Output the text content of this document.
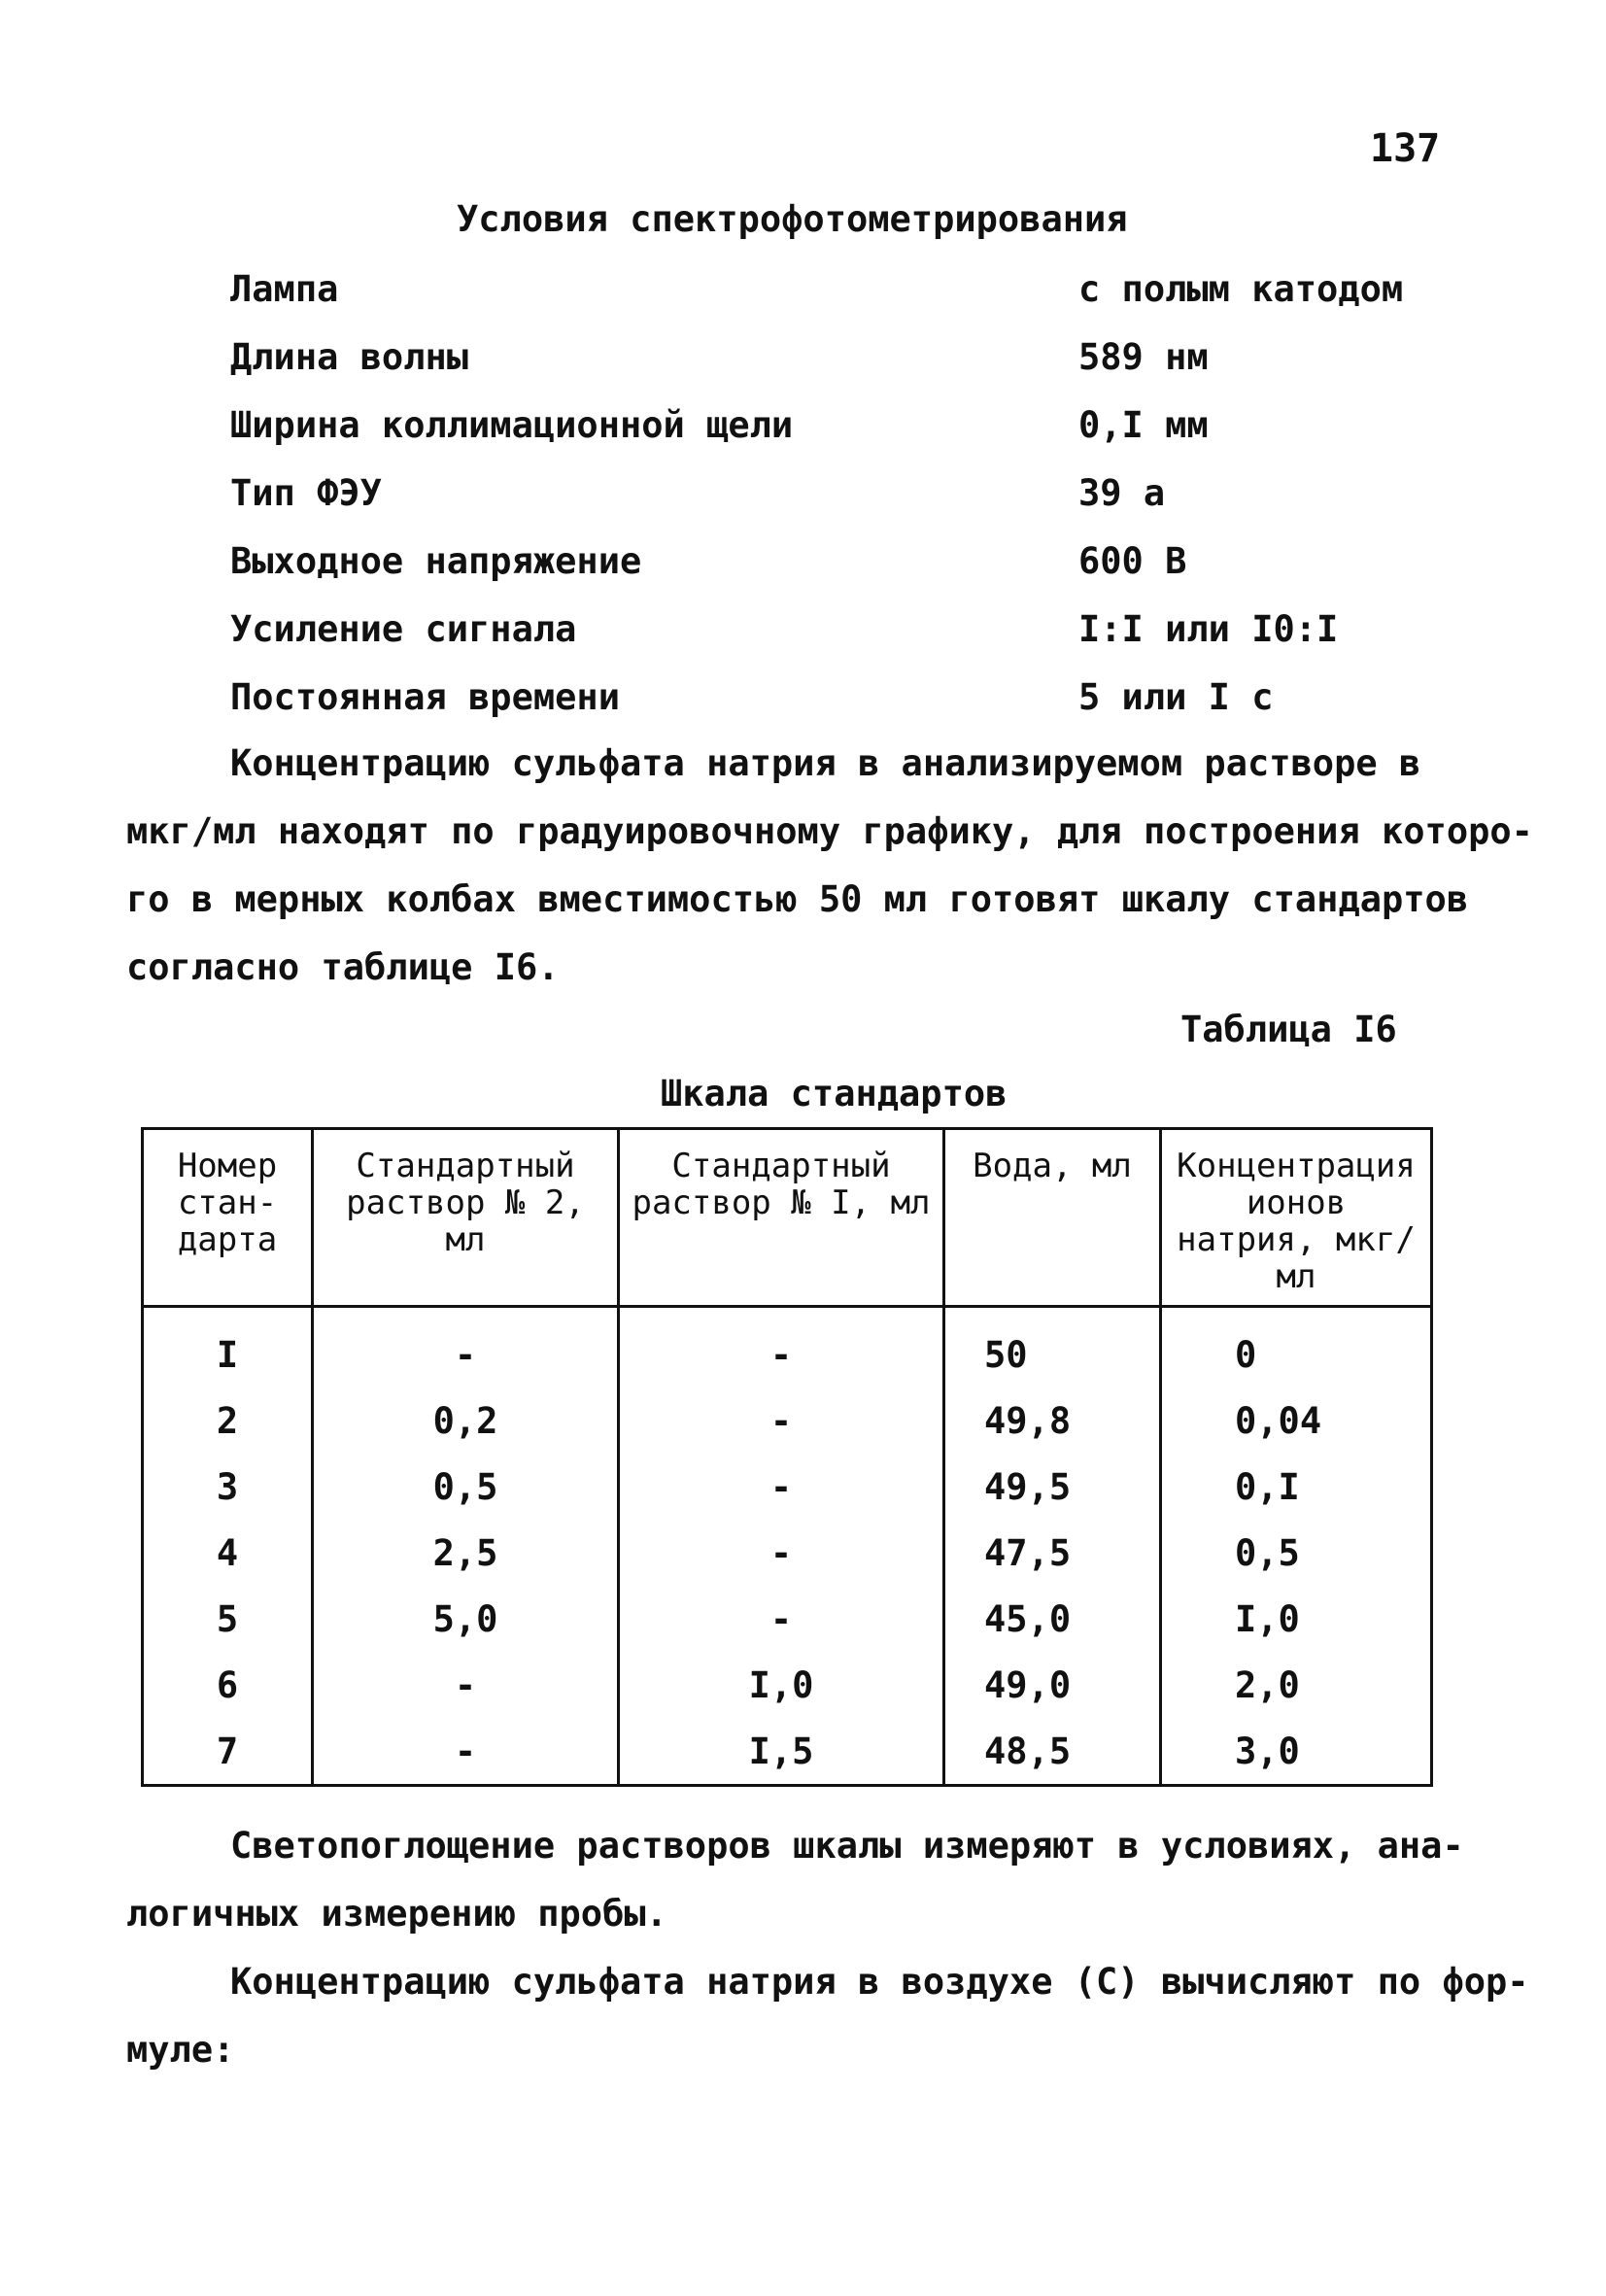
137
Условия спектрофотометрирования
Лампа	с полым катодом
Длина волны	589 нм
Ширина коллимационной щели	0,I мм
Тип ФЭУ	39 а
Выходное напряжение	600 В
Усиление сигнала	I:I или I0:I
Постоянная времени	5 или I с
Концентрацию сульфата натрия в анализируемом растворе в
мкг/мл находят по градуировочному графику, для построения которо-
го в мерных колбах вместимостью 50 мл готовят шкалу стандартов
согласно таблице I6.
Таблица I6
Шкала стандартов
Номер стан-дарта	Стандартный раствор № 2, мл	Стандартный раствор № I, мл	Вода, мл	Концентрация ионов натрия, мкг/мл
I	-	-	50	0
2	0,2	-	49,8	0,04
3	0,5	-	49,5	0,I
4	2,5	-	47,5	0,5
5	5,0	-	45,0	I,0
6	-	I,0	49,0	2,0
7	-	I,5	48,5	3,0
Светопоглощение растворов шкалы измеряют в условиях, ана-
логичных измерению пробы.
Концентрацию сульфата натрия в воздухе (С) вычисляют по фор-
муле:
